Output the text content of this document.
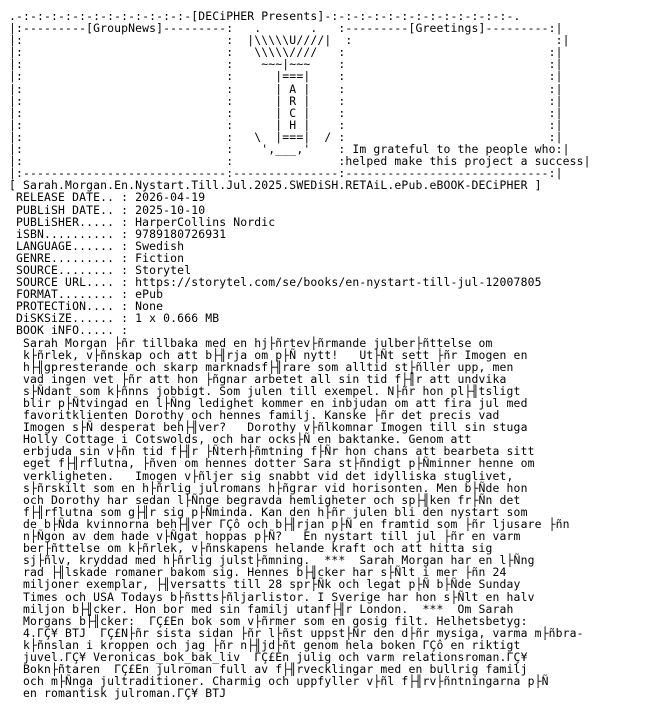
.-:-:-:-:-:-:-:-:-:-:-:-:-[DECiPHER Presents]-:-:-:-:-:-:-:-:-:-:-:-:-:-.
|:---------[GroupNews]---------:   .       .   :---------[Greetings]---------:|
|:                             :  |\\\\\U////|  :                             :|
|:                             :   \\\\\////   :                             :|
|:                             :    ~~~|~~~    :                             :|
|:                             :      |===|    :                             :|
|:                             :      | A |    :                             :|
|:                             :      | R |    :                             :|
|:                             :      | C |    :                             :|
|:                             :      | H |    :                             :|
|:                             :   \  |===|  / :                             :|
|:                             :    ',___,'    : Im grateful to the people who:|
|:                             :               :helped make this project a success|
|:-----------------------------:---------------:-----------------------------:|
[ Sarah.Morgan.En.Nystart.Till.Jul.2025.SWEDiSH.RETAiL.ePub.eBOOK-DECiPHER ]
RELEASE DATE.. : 2026-04-19
PUBLiSH DATE.. : 2025-10-10
PUBLiSHER..... : HarperCollins Nordic
iSBN.......... : 9789180726931
LANGUAGE...... : Swedish
GENRE......... : Fiction
SOURCE........ : Storytel
SOURCE URL.... : https://storytel.com/se/books/en-nystart-till-jul-12007805
FORMAT........ : ePub
PROTECTiON.... : None
DiSKSiZE...... : 1 x 0.666 MB
BOOK iNFO..... :
Sarah Morgan ├ñr tillbaka med en hj├ñrtev├ñrmande julber├ñttelse om
k├ñrlek, v├ñnskap och att b├╢rja om p├Ñ nytt!   Ut├Ñt sett ├ñr Imogen en
h├╢gpresterande och skarp marknadsf├╢rare som alltid st├ñller upp, men
vad ingen vet ├ñr att hon ├ñgnar arbetet all sin tid f├╢r att undvika
s├Ñdant som k├ñnns jobbigt. Som julen till exempel. N├ñr hon pl├╢tsligt
blir p├Ñtvingad en l├Ñng ledighet kommer en inbjudan om att fira jul med
favoritklienten Dorothy och hennes familj. Kanske ├ñr det precis vad
Imogen s├Ñ desperat beh├╢ver?   Dorothy v├ñlkomnar Imogen till sin stuga
Holly Cottage i Cotswolds, och har ocks├Ñ en baktanke. Genom att
erbjuda sin v├ñn tid f├╢r ├Ñterh├ñmtning f├Ñr hon chans att bearbeta sitt
eget f├╢rflutna, ├ñven om hennes dotter Sara st├ñndigt p├Ñminner henne om
verkligheten.   Imogen v├ñljer sig snabbt vid det idylliska stuglivet,
s├ñrskilt som en h├ñrlig julromans h├ñgrar vid horisonten. Men b├Ñde hon
och Dorothy har sedan l├Ñnge begravda hemligheter och sp├╢ken fr├Ñn det
f├╢rflutna som g├╢r sig p├Ñminda. Kan den h├ñr julen bli den nystart som
de b├Ñda kvinnorna beh├╢ver ΓÇô och b├╢rjan p├Ñ en framtid som ├ñr ljusare ├ñn
n├Ñgon av dem hade v├Ñgat hoppas p├Ñ?   En nystart till jul ├ñr en varm
ber├ñttelse om k├ñrlek, v├ñnskapens helande kraft och att hitta sig
sj├ñlv, kryddad med h├ñrlig julst├ñmning.  ***  Sarah Morgan har en l├Ñng
rad ├╢lskade romaner bakom sig. Hennes b├╢cker har s├Ñlt i mer ├ñn 24
miljoner exemplar, ├╢versatts till 28 spr├Ñk och legat p├Ñ b├Ñde Sunday
Times och USA Todays b├ñstts├ñljarlistor. I Sverige har hon s├Ñlt en halv
miljon b├╢cker. Hon bor med sin familj utanf├╢r London.  ***  Om Sarah
Morgans b├╢cker:  ΓÇ£En bok som v├ñrmer som en gosig filt. Helhetsbetyg:
4.ΓÇ¥ BTJ  ΓÇ£N├ñr sista sidan ├ñr l├ñst uppst├Ñr den d├ñr mysiga, varma m├ñbra-
k├ñnslan i kroppen och jag ├ñr n├╢jd├ñt genom hela boken ΓÇô en riktigt
juvel.ΓÇ¥ Veronicas_bok_bak_liv  ΓÇ£En julig och varm relationsroman.ΓÇ¥
Bokn├ñtaren  ΓÇ£En julroman full av f├╢rvecklingar med en bullrig familj
och m├Ñnga jultraditioner. Charmig och uppfyller v├ñl f├╢rv├ñntningarna p├Ñ
en romantisk julroman.ΓÇ¥ BTJ
